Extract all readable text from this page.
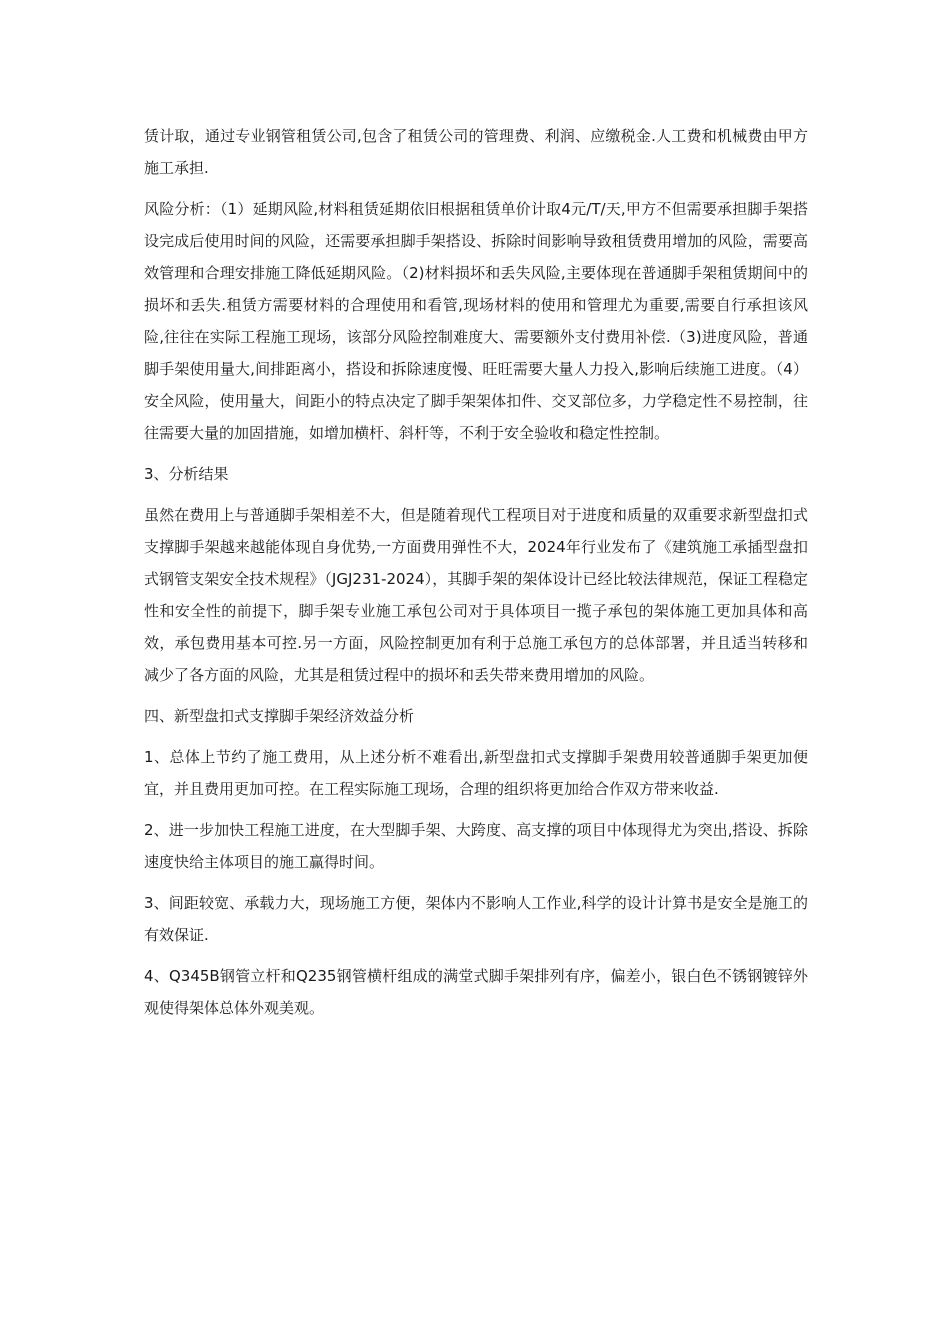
赁计取，通过专业钢管租赁公司,包含了租赁公司的管理费、利润、应缴税金.人工费和机械费由甲方施工承担.

风险分析：（1）延期风险,材料租赁延期依旧根据租赁单价计取4元/T/天,甲方不但需要承担脚手架搭设完成后使用时间的风险，还需要承担脚手架搭设、拆除时间影响导致租赁费用增加的风险，需要高效管理和合理安排施工降低延期风险。（2)材料损坏和丢失风险,主要体现在普通脚手架租赁期间中的损坏和丢失.租赁方需要材料的合理使用和看管,现场材料的使用和管理尤为重要,需要自行承担该风险,往往在实际工程施工现场，该部分风险控制难度大、需要额外支付费用补偿.（3)进度风险，普通脚手架使用量大,间排距离小，搭设和拆除速度慢、旺旺需要大量人力投入,影响后续施工进度。（4）安全风险，使用量大，间距小的特点决定了脚手架架体扣件、交叉部位多，力学稳定性不易控制，往往需要大量的加固措施，如增加横杆、斜杆等，不利于安全验收和稳定性控制。

3、分析结果

虽然在费用上与普通脚手架相差不大，但是随着现代工程项目对于进度和质量的双重要求新型盘扣式支撑脚手架越来越能体现自身优势,一方面费用弹性不大，2024年行业发布了《建筑施工承插型盘扣式钢管支架安全技术规程》（JGJ231-2024），其脚手架的架体设计已经比较法律规范，保证工程稳定性和安全性的前提下，脚手架专业施工承包公司对于具体项目一揽子承包的架体施工更加具体和高效，承包费用基本可控.另一方面，风险控制更加有利于总施工承包方的总体部署，并且适当转移和减少了各方面的风险，尤其是租赁过程中的损坏和丢失带来费用增加的风险。

四、新型盘扣式支撑脚手架经济效益分析

1、总体上节约了施工费用，从上述分析不难看出,新型盘扣式支撑脚手架费用较普通脚手架更加便宜，并且费用更加可控。在工程实际施工现场，合理的组织将更加给合作双方带来收益.

2、进一步加快工程施工进度，在大型脚手架、大跨度、高支撑的项目中体现得尤为突出,搭设、拆除速度快给主体项目的施工赢得时间。

3、间距较宽、承载力大，现场施工方便，架体内不影响人工作业,科学的设计计算书是安全是施工的有效保证.

4、Q345B钢管立杆和Q235钢管横杆组成的满堂式脚手架排列有序，偏差小，银白色不锈钢镀锌外观使得架体总体外观美观。
